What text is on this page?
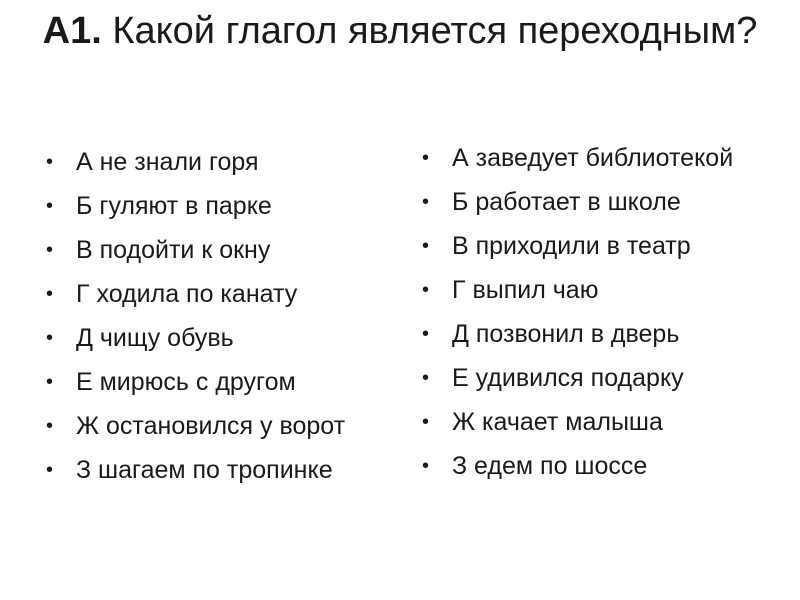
А1. Какой глагол является переходным?
• А не знали горя
• Б гуляют в парке
• В подойти к окну
• Г ходила по канату
• Д чищу обувь
• Е мирюсь с другом
• Ж остановился у ворот
• З шагаем по тропинке
• А заведует библиотекой
• Б работает в школе
• В приходили в театр
• Г выпил чаю
• Д позвонил в дверь
• Е удивился подарку
• Ж качает малыша
• З едем по шоссе
